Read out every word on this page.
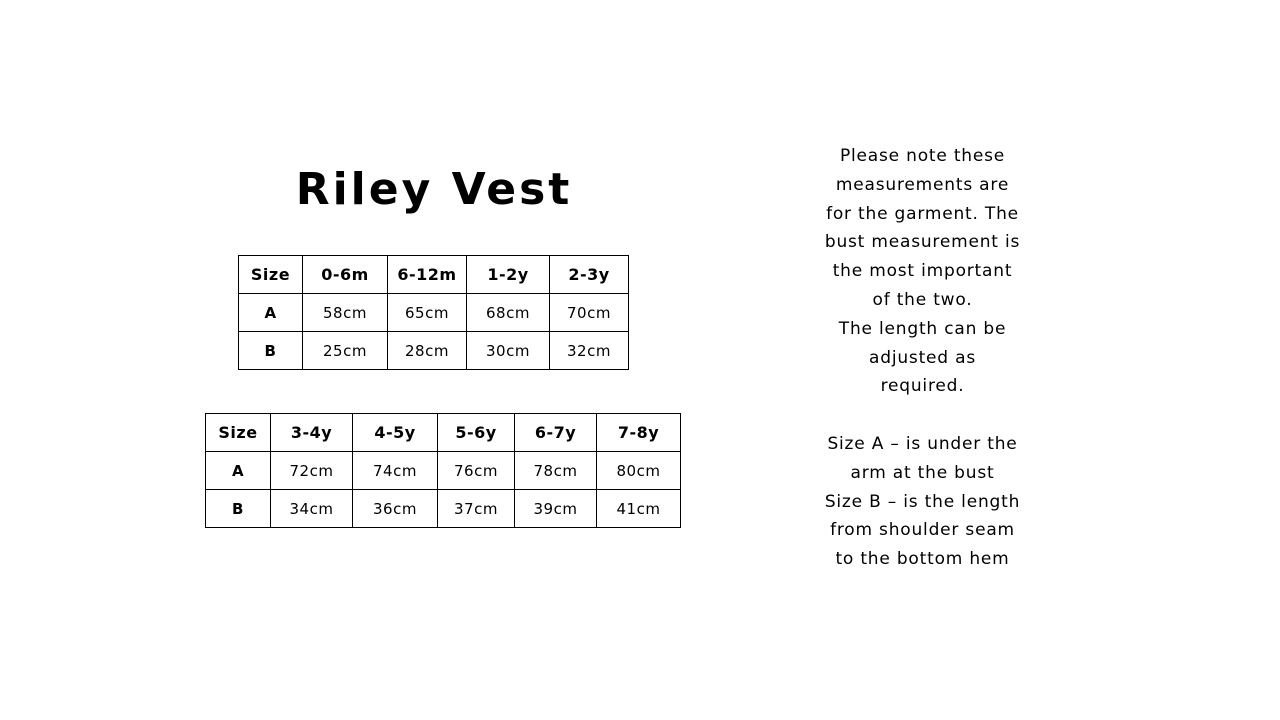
Riley Vest
Size	0-6m	6-12m	1-2y	2-3y
A	58cm	65cm	68cm	70cm
B	25cm	28cm	30cm	32cm
Size	3-4y	4-5y	5-6y	6-7y	7-8y
A	72cm	74cm	76cm	78cm	80cm
B	34cm	36cm	37cm	39cm	41cm

Please note these

measurements are

for the garment. The

bust measurement is

the most important

of the two.

The length can be

adjusted as

required.

Size A – is under the

arm at the bust

Size B – is the length

from shoulder seam

to the bottom hem
